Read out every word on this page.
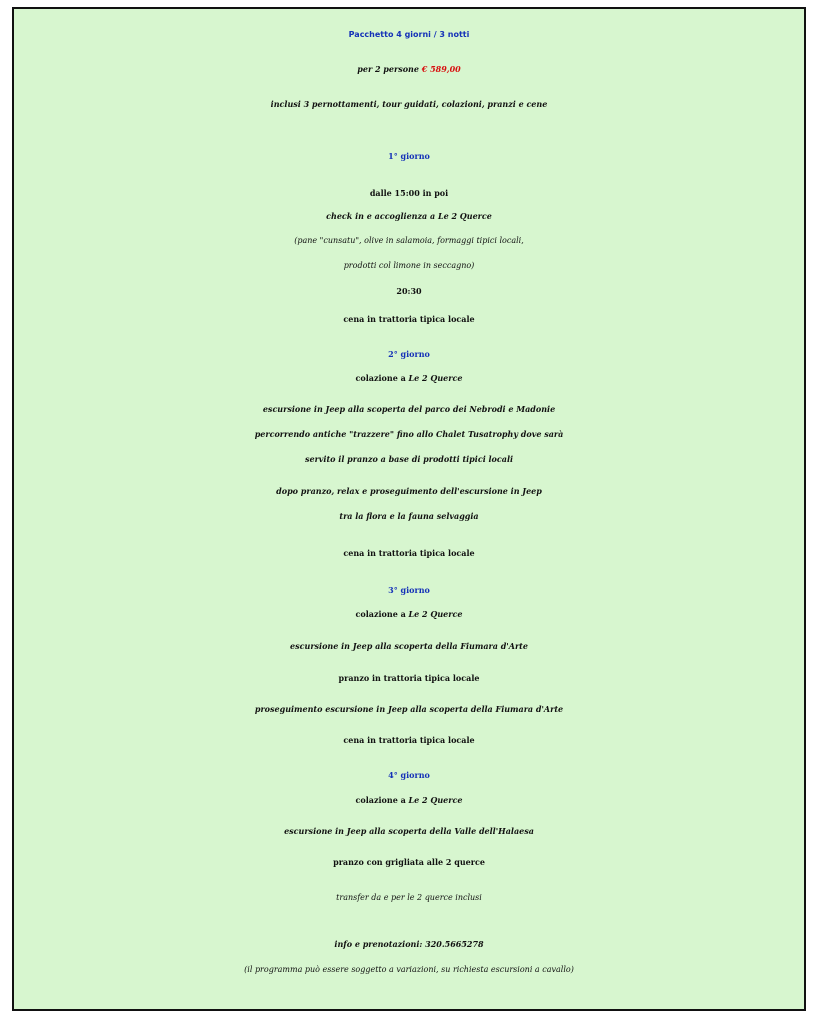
Pacchetto 4 giorni / 3 notti
per 2 persone € 589,00
inclusi 3 pernottamenti, tour guidati, colazioni, pranzi e cene
1° giorno
dalle 15:00 in poi
check in e accoglienza a Le 2 Querce
(pane "cunsatu", olive in salamoia, formaggi tipici locali,
prodotti col limone in seccagno)
20:30
cena in trattoria tipica locale
2° giorno
colazione a Le 2 Querce
escursione in Jeep alla scoperta del parco dei Nebrodi e Madonie
percorrendo antiche "trazzere" fino allo Chalet Tusatrophy dove sarà
servito il pranzo a base di prodotti tipici locali
dopo pranzo, relax e proseguimento dell'escursione in Jeep
tra la flora e la fauna selvaggia
cena in trattoria tipica locale
3° giorno
colazione a Le 2 Querce
escursione in Jeep alla scoperta della Fiumara d'Arte
pranzo in trattoria tipica locale
proseguimento escursione in Jeep alla scoperta della Fiumara d'Arte
cena in trattoria tipica locale
4° giorno
colazione a Le 2 Querce
escursione in Jeep alla scoperta della Valle dell'Halaesa
pranzo con grigliata alle 2 querce
transfer da e per le 2 querce inclusi
info e prenotazioni: 320.5665278
(il programma può essere soggetto a variazioni, su richiesta escursioni a cavallo)
